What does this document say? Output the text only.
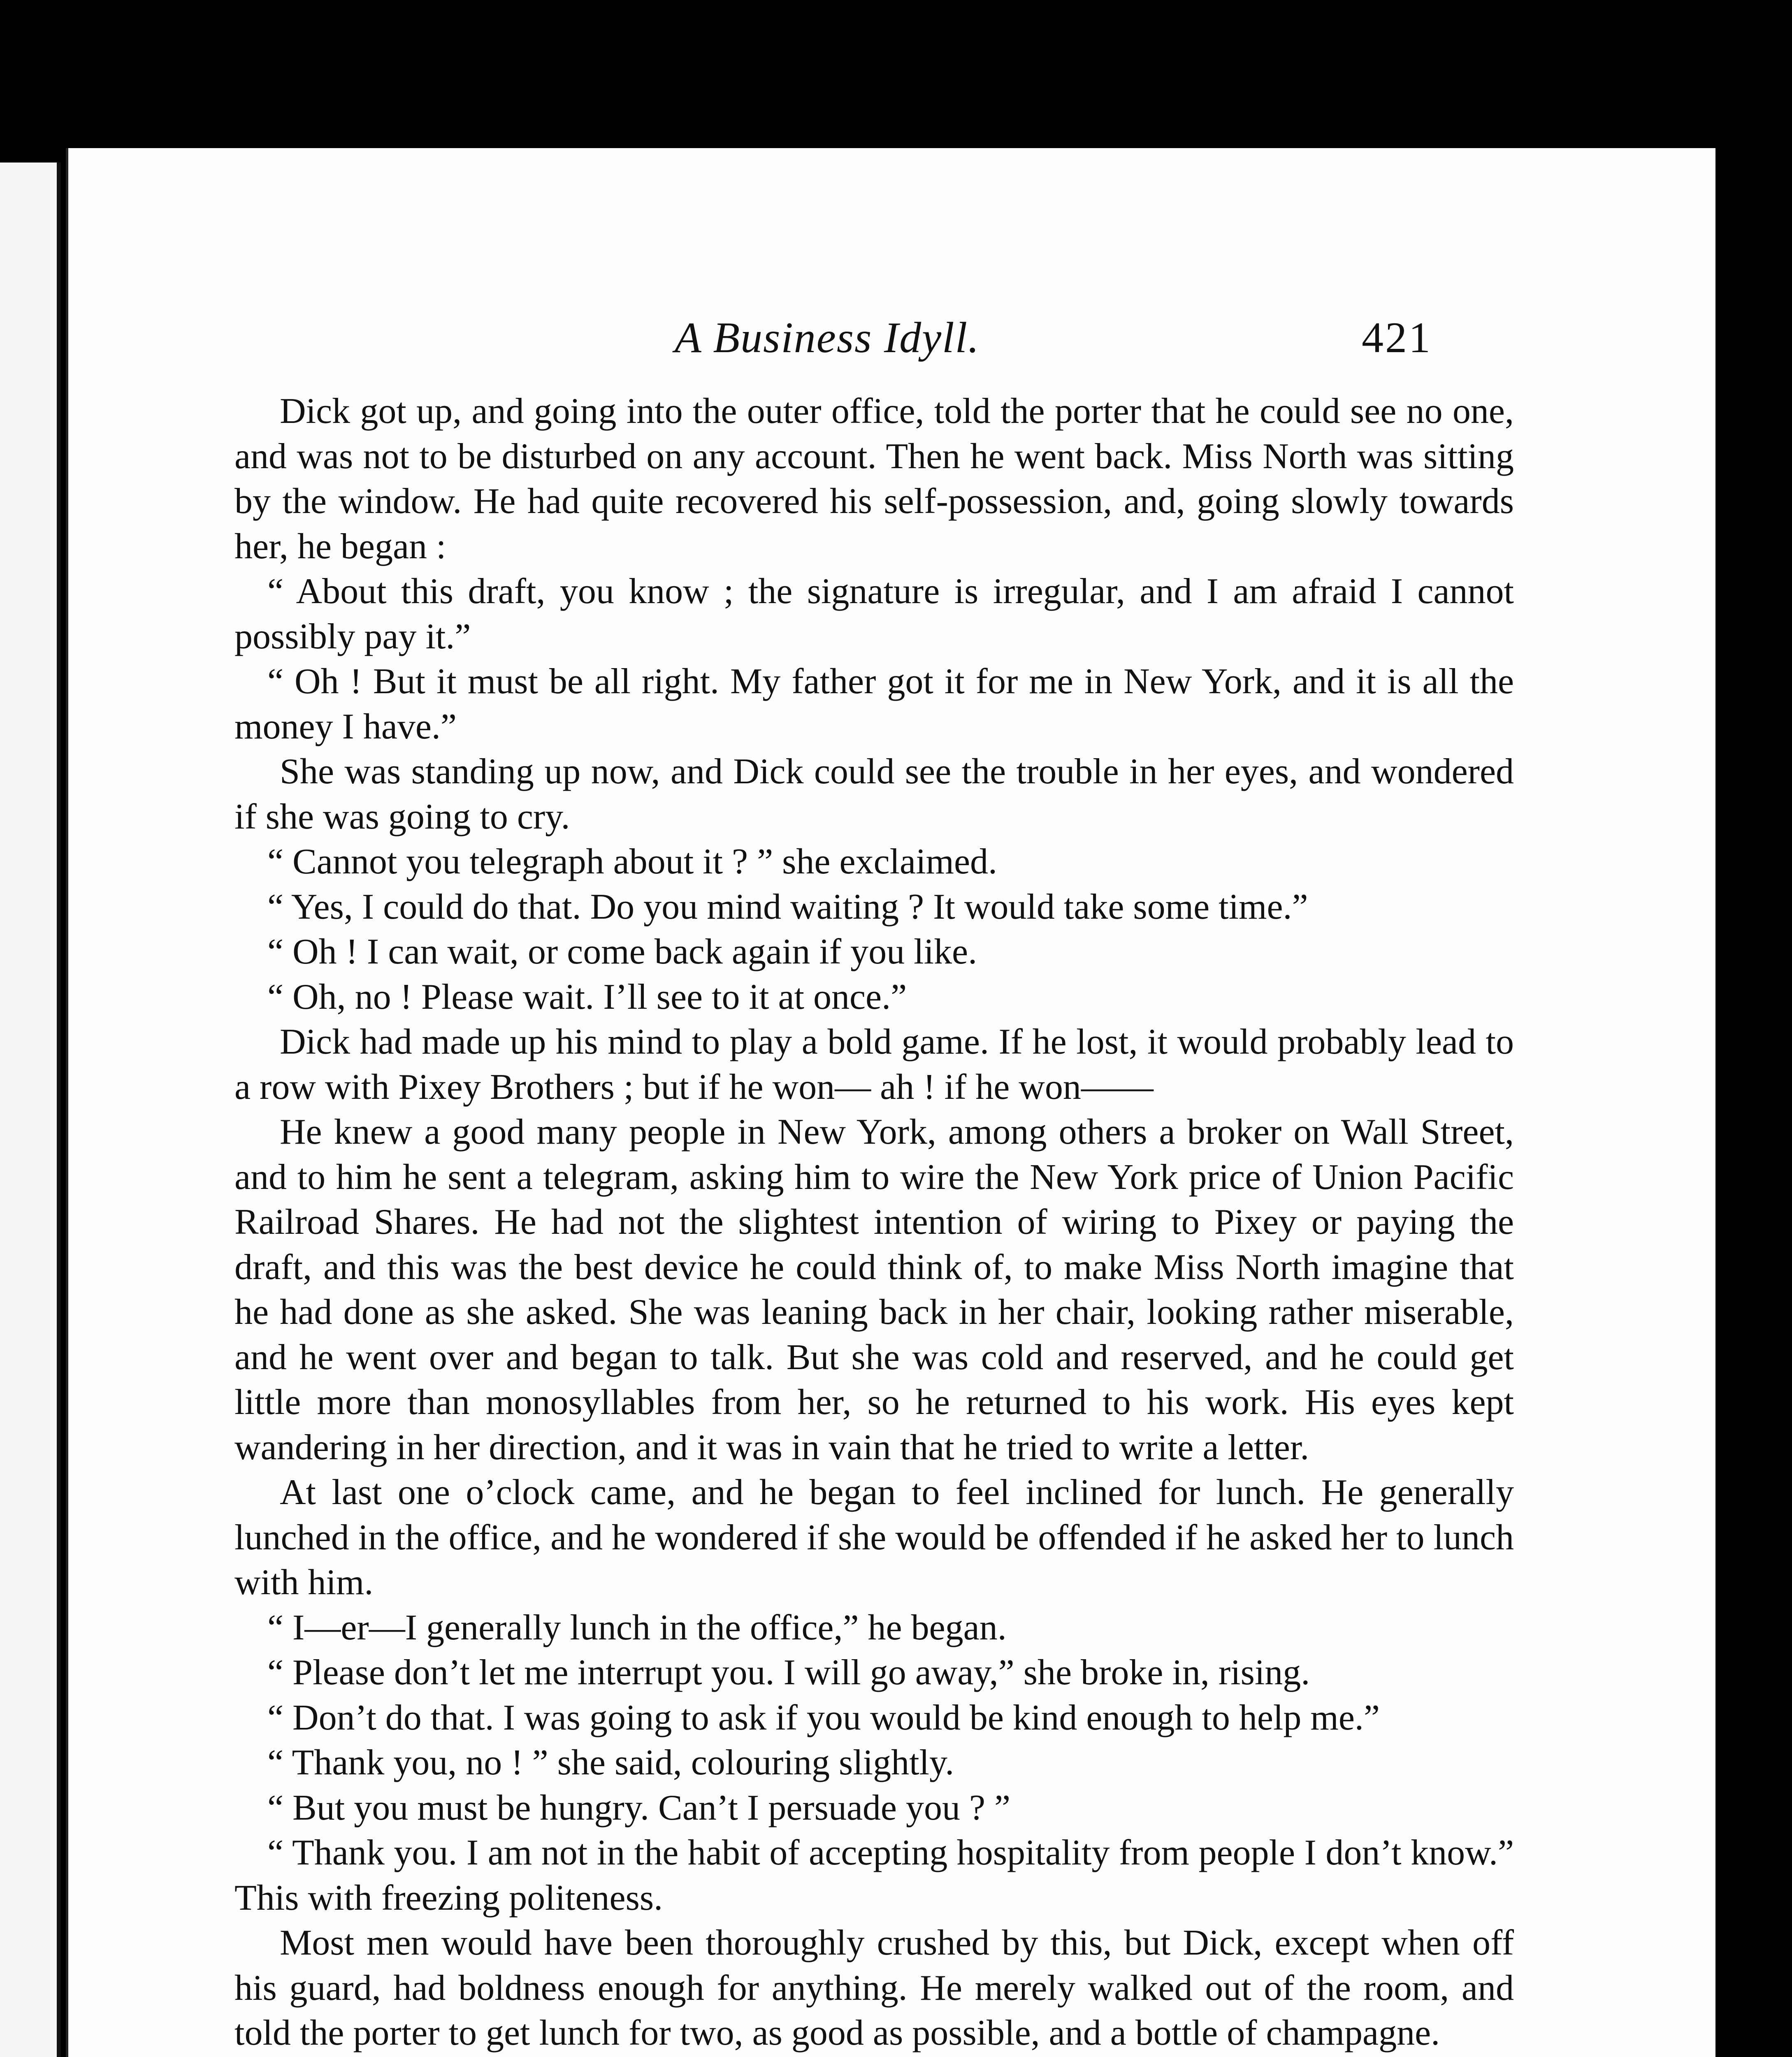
A Business Idyll.	421

Dick got up, and going into the outer office, told the porter that he could see no one, and was not to be disturbed on any account. Then he went back. Miss North was sitting by the window. He had quite recovered his self-possession, and, going slowly towards her, he began :

“ About this draft, you know ; the signature is irregular, and I am afraid I cannot possibly pay it.”

“ Oh ! But it must be all right. My father got it for me in New York, and it is all the money I have.”

She was standing up now, and Dick could see the trouble in her eyes, and wondered if she was going to cry.

“ Cannot you telegraph about it ? ” she exclaimed.

“ Yes, I could do that. Do you mind waiting ? It would take some time.”

“ Oh ! I can wait, or come back again if you like.

“ Oh, no ! Please wait. I’ll see to it at once.”

Dick had made up his mind to play a bold game. If he lost, it would probably lead to a row with Pixey Brothers ; but if he won— ah ! if he won——

He knew a good many people in New York, among others a broker on Wall Street, and to him he sent a telegram, asking him to wire the New York price of Union Pacific Railroad Shares. He had not the slightest intention of wiring to Pixey or paying the draft, and this was the best device he could think of, to make Miss North imagine that he had done as she asked. She was leaning back in her chair, looking rather miserable, and he went over and began to talk. But she was cold and reserved, and he could get little more than monosyllables from her, so he returned to his work. His eyes kept wandering in her direction, and it was in vain that he tried to write a letter.

At last one o’clock came, and he began to feel inclined for lunch. He generally lunched in the office, and he wondered if she would be offended if he asked her to lunch with him.

“ I—er—I generally lunch in the office,” he began.

“ Please don’t let me interrupt you. I will go away,” she broke in, rising.

“ Don’t do that. I was going to ask if you would be kind enough to help me.”

“ Thank you, no ! ” she said, colouring slightly.

“ But you must be hungry. Can’t I persuade you ? ”

“ Thank you. I am not in the habit of accepting hospitality from people I don’t know.” This with freezing politeness.

Most men would have been thoroughly crushed by this, but Dick, except when off his guard, had boldness enough for anything. He merely walked out of the room, and told the porter to get lunch for two, as good as possible, and a bottle of champagne.
